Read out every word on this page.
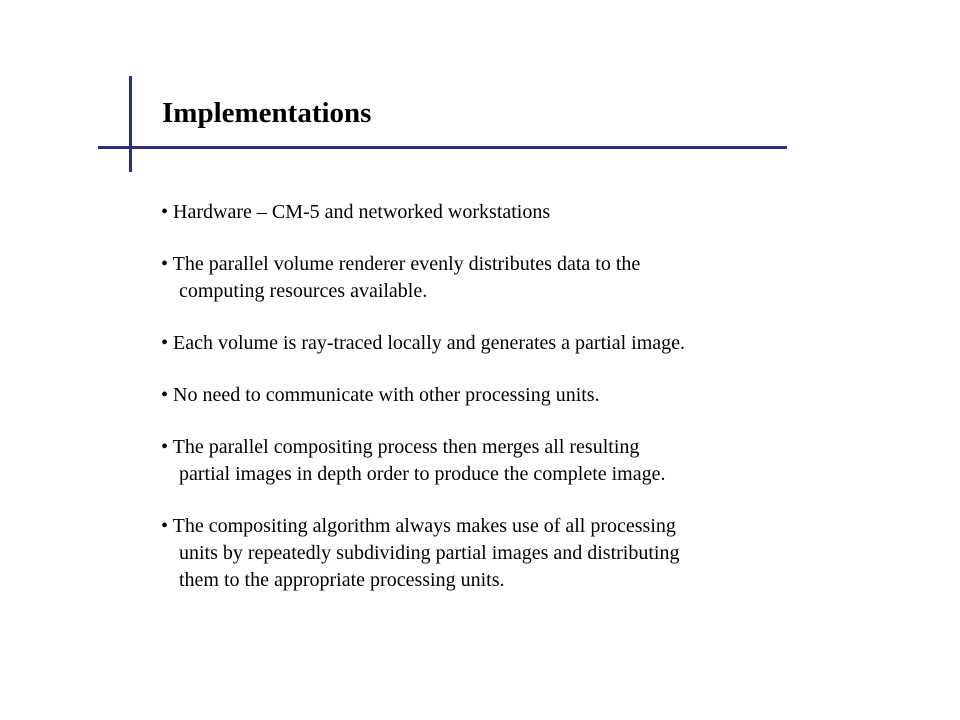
Implementations
• Hardware – CM-5 and networked workstations
• The parallel volume renderer evenly distributes data to the
computing resources available.
• Each volume is ray-traced locally and generates a partial image.
• No need to communicate with other processing units.
• The parallel compositing process then merges all resulting
partial images in depth order to produce the complete image.
• The compositing algorithm always makes use of all processing
units by repeatedly subdividing partial images and distributing
them to the appropriate processing units.
